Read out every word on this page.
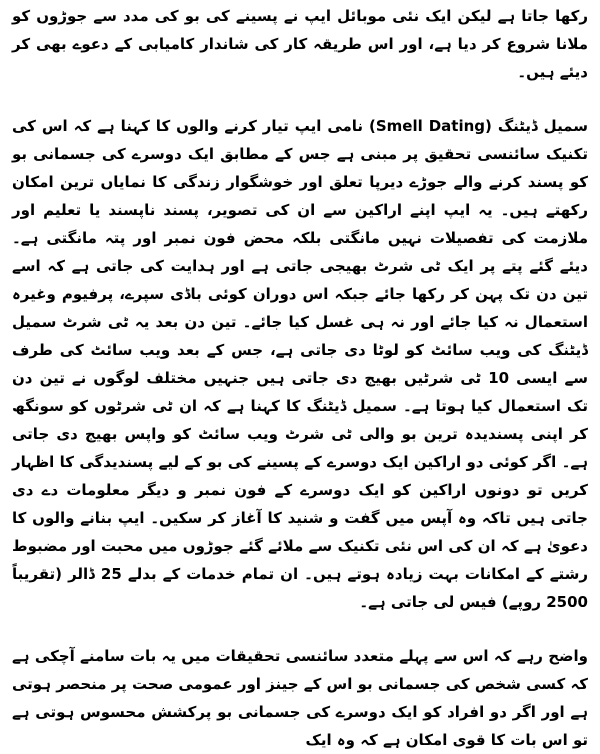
رکھا جاتا ہے لیکن ایک نئی موبائل ایپ نے پسینے کی بو کی مدد سے جوڑوں کو ملانا شروع کر دیا ہے، اور اس طریقہ کار کی شاندار کامیابی کے دعوے بھی کر دیئے ہیں۔

سمیل ڈیٹنگ (Smell Dating) نامی ایپ تیار کرنے والوں کا کہنا ہے کہ اس کی تکنیک سائنسی تحقیق پر مبنی ہے جس کے مطابق ایک دوسرے کی جسمانی بو کو پسند کرنے والے جوڑے دیرپا تعلق اور خوشگوار زندگی کا نمایاں ترین امکان رکھتے ہیں۔ یہ ایپ اپنے اراکین سے ان کی تصویر، پسند ناپسند یا تعلیم اور ملازمت کی تفصیلات نہیں مانگتی بلکہ محض فون نمبر اور پتہ مانگتی ہے۔ دیئے گئے پتے پر ایک ٹی شرٹ بھیجی جاتی ہے اور ہدایت کی جاتی ہے کہ اسے تین دن تک پہن کر رکھا جائے جبکہ اس دوران کوئی باڈی سپرے، پرفیوم وغیرہ استعمال نہ کیا جائے اور نہ ہی غسل کیا جائے۔ تین دن بعد یہ ٹی شرٹ سمیل ڈیٹنگ کی ویب سائٹ کو لوٹا دی جاتی ہے، جس کے بعد ویب سائٹ کی طرف سے ایسی 10 ٹی شرٹیں بھیج دی جاتی ہیں جنہیں مختلف لوگوں نے تین دن تک استعمال کیا ہوتا ہے۔ سمیل ڈیٹنگ کا کہنا ہے کہ ان ٹی شرٹوں کو سونگھ کر اپنی پسندیدہ ترین بو والی ٹی شرٹ ویب سائٹ کو واپس بھیج دی جاتی ہے۔ اگر کوئی دو اراکین ایک دوسرے کے پسینے کی بو کے لیے پسندیدگی کا اظہار کریں تو دونوں اراکین کو ایک دوسرے کے فون نمبر و دیگر معلومات دے دی جاتی ہیں تاکہ وہ آپس میں گفت و شنید کا آغاز کر سکیں۔ ایپ بنانے والوں کا دعویٰ ہے کہ ان کی اس نئی تکنیک سے ملائے گئے جوڑوں میں محبت اور مضبوط رشتے کے امکانات بہت زیادہ ہوتے ہیں۔ ان تمام خدمات کے بدلے 25 ڈالر (تقریباً 2500 روپے) فیس لی جاتی ہے۔

واضح رہے کہ اس سے پہلے متعدد سائنسی تحقیقات میں یہ بات سامنے آچکی ہے کہ کسی شخص کی جسمانی بو اس کے جینز اور عمومی صحت پر منحصر ہوتی ہے اور اگر دو افراد کو ایک دوسرے کی جسمانی بو پرکشش محسوس ہوتی ہے تو اس بات کا قوی امکان ہے کہ وہ ایک
